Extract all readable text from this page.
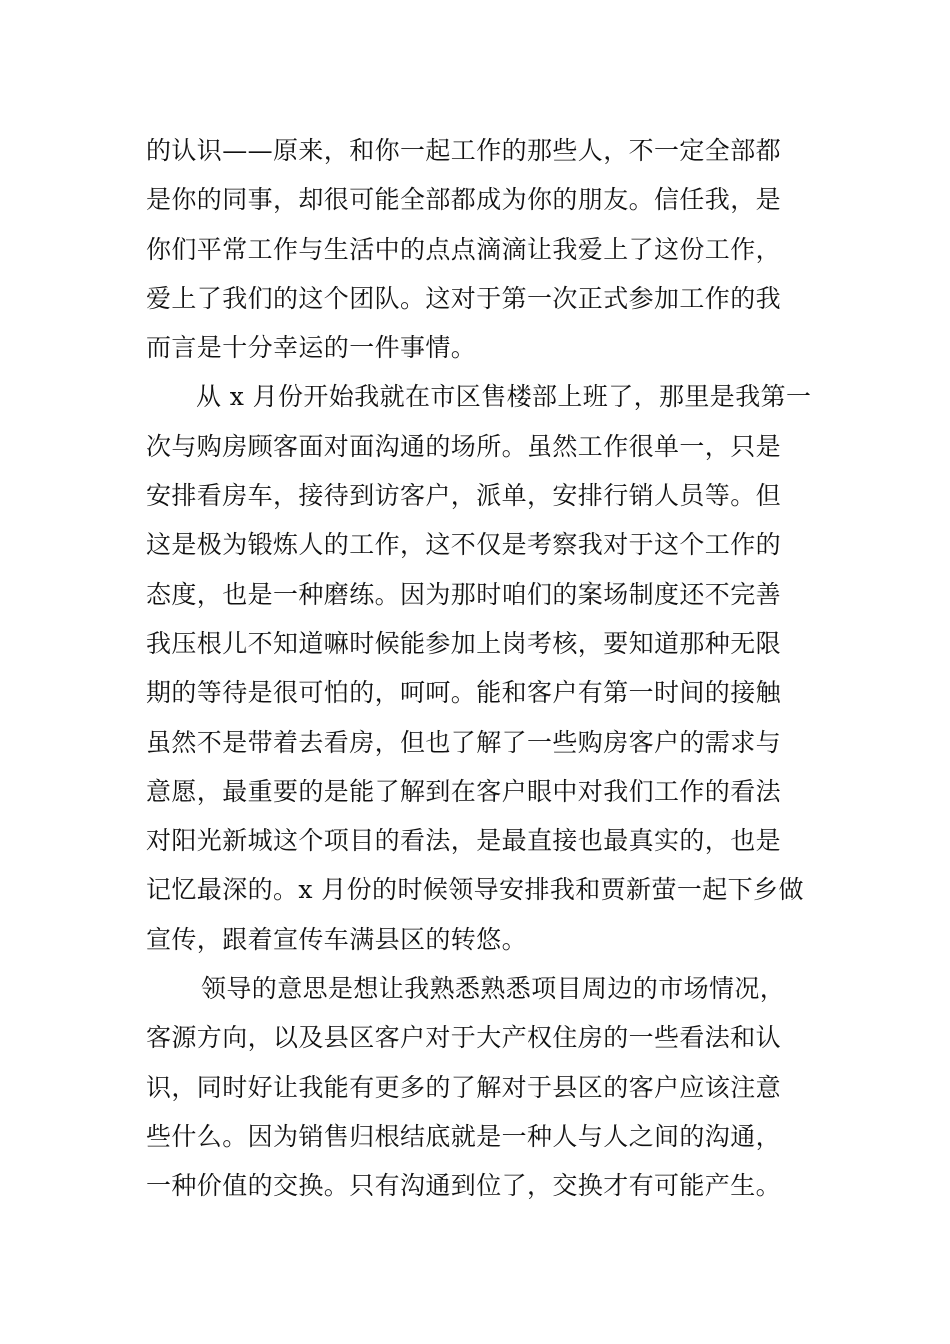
的认识——原来，和你一起工作的那些人，不一定全部都
是你的同事，却很可能全部都成为你的朋友。信任我，是
你们平常工作与生活中的点点滴滴让我爱上了这份工作，
爱上了我们的这个团队。这对于第一次正式参加工作的我
而言是十分幸运的一件事情。
从 x 月份开始我就在市区售楼部上班了，那里是我第一
次与购房顾客面对面沟通的场所。虽然工作很单一，只是
安排看房车，接待到访客户，派单，安排行销人员等。但
这是极为锻炼人的工作，这不仅是考察我对于这个工作的
态度，也是一种磨练。因为那时咱们的案场制度还不完善
我压根儿不知道嘛时候能参加上岗考核，要知道那种无限
期的等待是很可怕的，呵呵。能和客户有第一时间的接触
虽然不是带着去看房，但也了解了一些购房客户的需求与
意愿，最重要的是能了解到在客户眼中对我们工作的看法
对阳光新城这个项目的看法，是最直接也最真实的，也是
记忆最深的。x 月份的时候领导安排我和贾新萤一起下乡做
宣传，跟着宣传车满县区的转悠。
领导的意思是想让我熟悉熟悉项目周边的市场情况，
客源方向，以及县区客户对于大产权住房的一些看法和认
识，同时好让我能有更多的了解对于县区的客户应该注意
些什么。因为销售归根结底就是一种人与人之间的沟通，
一种价值的交换。只有沟通到位了，交换才有可能产生。
